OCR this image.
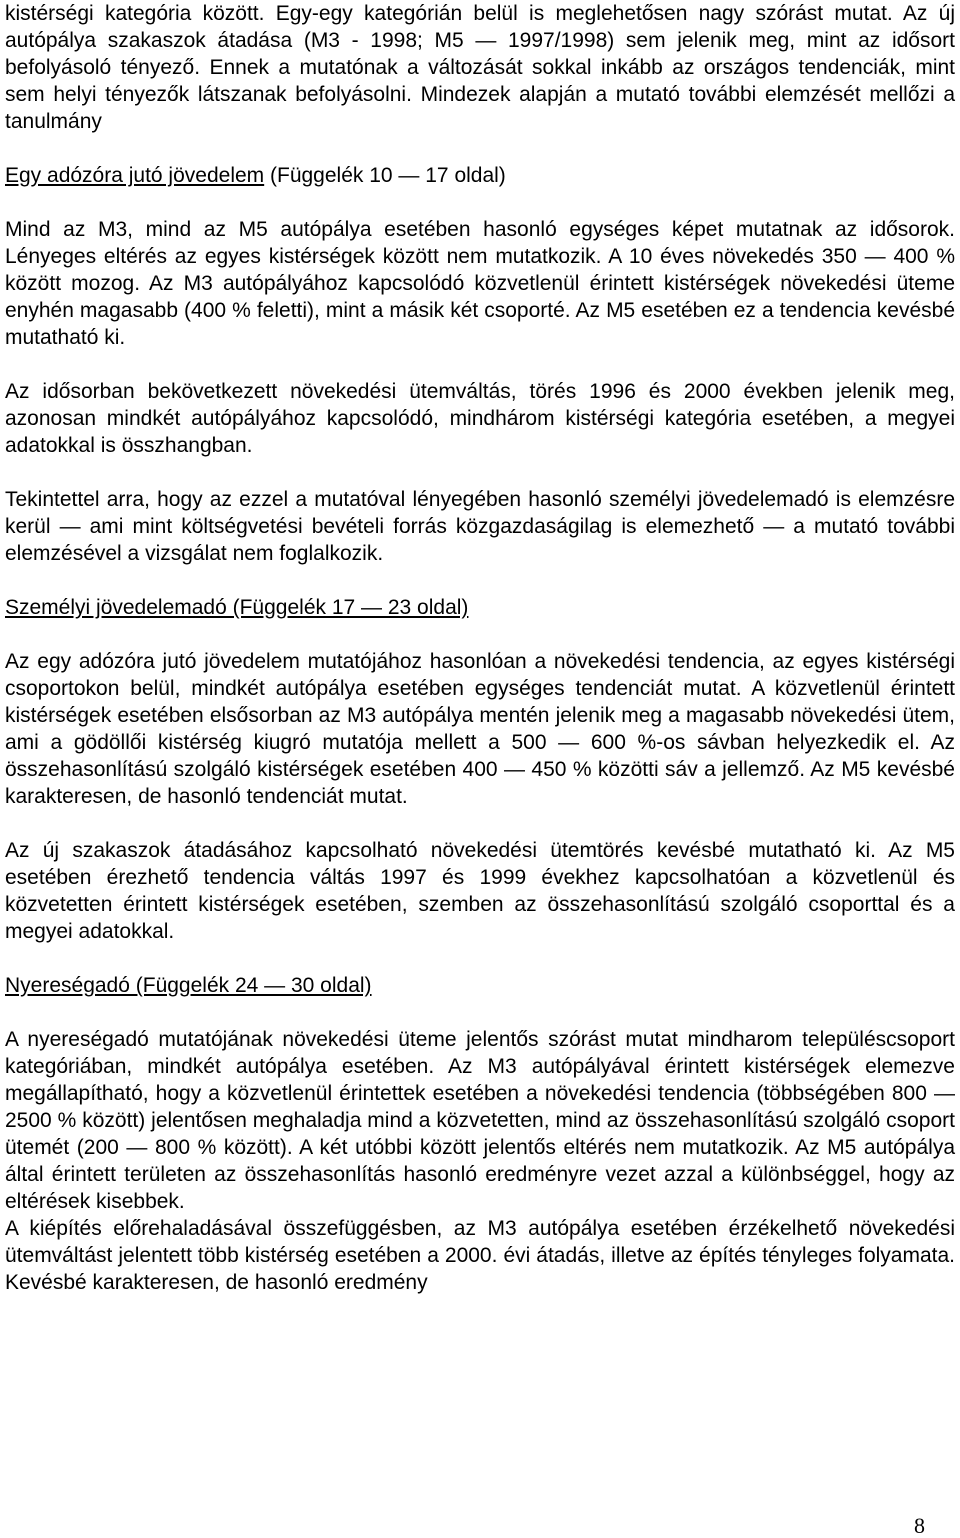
kistérségi kategória között. Egy-egy kategórián belül is meglehetősen nagy szórást mutat. Az új autópálya szakaszok átadása (M3 - 1998; M5 — 1997/1998) sem jelenik meg, mint az idősort befolyásoló tényező. Ennek a mutatónak a változását sokkal inkább az országos tendenciák, mint sem helyi tényezők látszanak befolyásolni. Mindezek alapján a mutató további elemzését mellőzi a tanulmány

Egy adózóra jutó jövedelem (Függelék 10 — 17 oldal)

Mind az M3, mind az M5 autópálya esetében hasonló egységes képet mutatnak az idősorok. Lényeges eltérés az egyes kistérségek között nem mutatkozik. A 10 éves növekedés 350 — 400 % között mozog. Az M3 autópályához kapcsolódó közvetlenül érintett kistérségek növekedési üteme enyhén magasabb (400 % feletti), mint a másik két csoporté. Az M5 esetében ez a tendencia kevésbé mutatható ki.

Az idősorban bekövetkezett növekedési ütemváltás, törés 1996 és 2000 években jelenik meg, azonosan mindkét autópályához kapcsolódó, mindhárom kistérségi kategória esetében, a megyei adatokkal is összhangban.

Tekintettel arra, hogy az ezzel a mutatóval lényegében hasonló személyi jövedelemadó is elemzésre kerül — ami mint költségvetési bevételi forrás közgazdaságilag is elemezhető — a mutató további elemzésével a vizsgálat nem foglalkozik.

Személyi jövedelemadó (Függelék 17 — 23 oldal)

Az egy adózóra jutó jövedelem mutatójához hasonlóan a növekedési tendencia, az egyes kistérségi csoportokon belül, mindkét autópálya esetében egységes tendenciát mutat. A közvetlenül érintett kistérségek esetében elsősorban az M3 autópálya mentén jelenik meg a magasabb növekedési ütem, ami a gödöllői kistérség kiugró mutatója mellett a 500 — 600 %-os sávban helyezkedik el. Az összehasonlítású szolgáló kistérségek esetében 400 — 450 % közötti sáv a jellemző. Az M5 kevésbé karakteresen, de hasonló tendenciát mutat.

Az új szakaszok átadásához kapcsolható növekedési ütemtörés kevésbé mutatható ki. Az M5 esetében érezhető tendencia váltás 1997 és 1999 évekhez kapcsolhatóan a közvetlenül és közvetetten érintett kistérségek esetében, szemben az összehasonlítású szolgáló csoporttal és a megyei adatokkal.

Nyereségadó (Függelék 24 — 30 oldal)

A nyereségadó mutatójának növekedési üteme jelentős szórást mutat mindharom településcsoport kategóriában, mindkét autópálya esetében. Az M3 autópályával érintett kistérségek elemezve megállapítható, hogy a közvetlenül érintettek esetében a növekedési tendencia (többségében 800 — 2500 % között) jelentősen meghaladja mind a közvetetten, mind az összehasonlítású szolgáló csoport ütemét (200 — 800 % között). A két utóbbi között jelentős eltérés nem mutatkozik. Az M5 autópálya által érintett területen az összehasonlítás hasonló eredményre vezet azzal a különbséggel, hogy az eltérések kisebbek.

A kiépítés előrehaladásával összefüggésben, az M3 autópálya esetében érzékelhető növekedési ütemváltást jelentett több kistérség esetében a 2000. évi átadás, illetve az építés tényleges folyamata. Kevésbé karakteresen, de hasonló eredmény

8
